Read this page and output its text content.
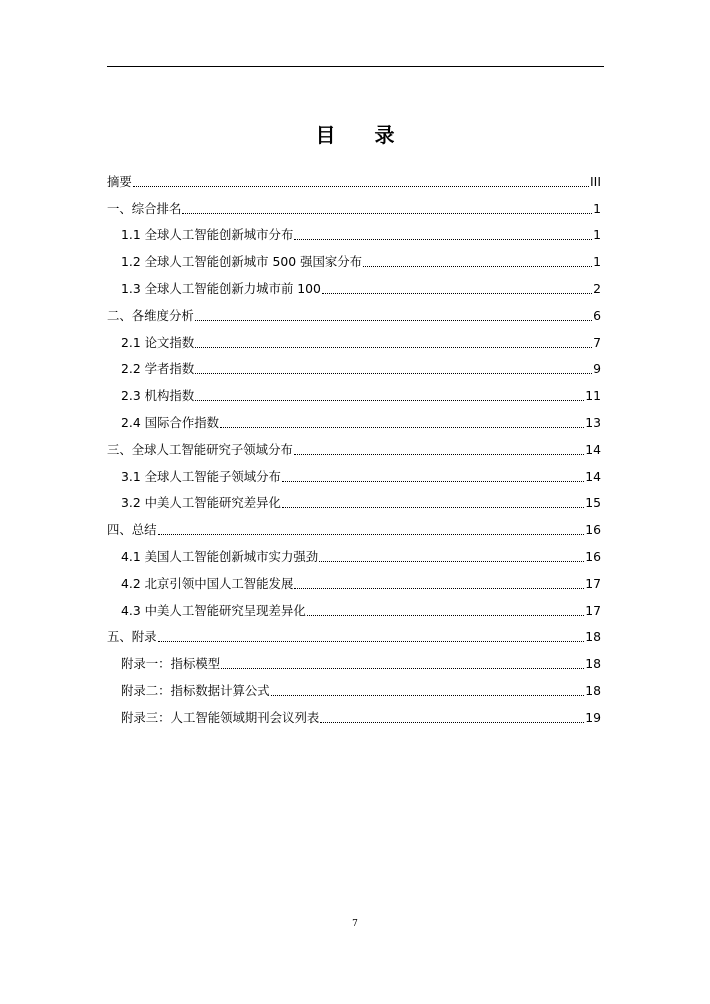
目 录
摘要	III
一、综合排名	1
1.1 全球人工智能创新城市分布	1
1.2 全球人工智能创新城市 500 强国家分布	1
1.3 全球人工智能创新力城市前 100	2
二、各维度分析	6
2.1 论文指数	7
2.2 学者指数	9
2.3 机构指数	11
2.4 国际合作指数	13
三、全球人工智能研究子领域分布	14
3.1 全球人工智能子领域分布	14
3.2 中美人工智能研究差异化	15
四、总结	16
4.1 美国人工智能创新城市实力强劲	16
4.2 北京引领中国人工智能发展	17
4.3 中美人工智能研究呈现差异化	17
五、附录	18
附录一：指标模型	18
附录二：指标数据计算公式	18
附录三：人工智能领域期刊会议列表	19
7
